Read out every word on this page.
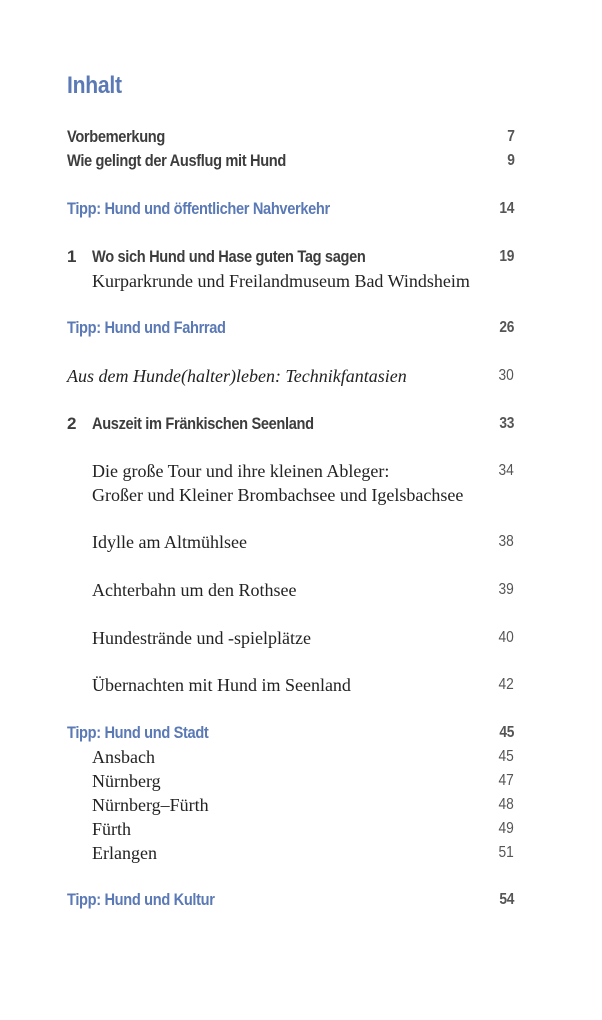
Inhalt
Vorbemerkung	7
Wie gelingt der Ausflug mit Hund	9
Tipp: Hund und öffentlicher Nahverkehr	14
1 Wo sich Hund und Hase guten Tag sagen	19
Kurparkrunde und Freilandmuseum Bad Windsheim
Tipp: Hund und Fahrrad	26
Aus dem Hunde(halter)leben: Technikfantasien	30
2 Auszeit im Fränkischen Seenland	33
Die große Tour und ihre kleinen Ableger:	34
Großer und Kleiner Brombachsee und Igelsbachsee
Idylle am Altmühlsee	38
Achterbahn um den Rothsee	39
Hundestrände und -spielplätze	40
Übernachten mit Hund im Seenland	42
Tipp: Hund und Stadt	45
Ansbach	45
Nürnberg	47
Nürnberg–Fürth	48
Fürth	49
Erlangen	51
Tipp: Hund und Kultur	54
